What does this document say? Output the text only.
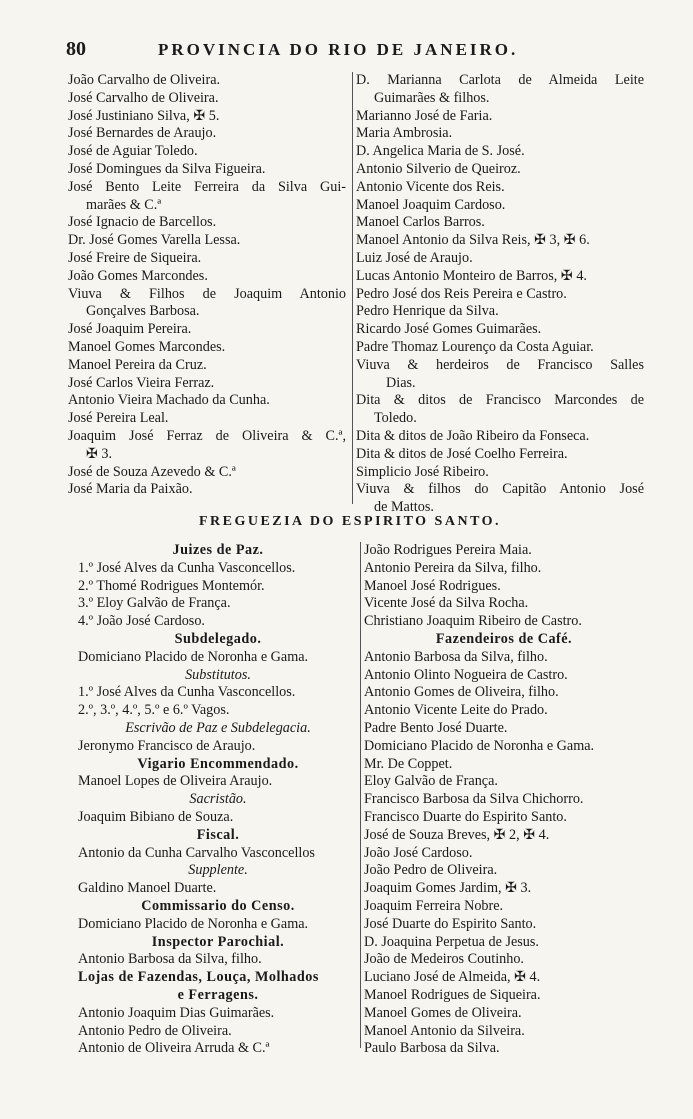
80	PROVINCIA DO RIO DE JANEIRO.
João Carvalho de Oliveira.
José Carvalho de Oliveira.
José Justiniano Silva, ✠ 5.
José Bernardes de Araujo.
José de Aguiar Toledo.
José Domingues da Silva Figueira.
José Bento Leite Ferreira da Silva Gui-
marães & C.ª
José Ignacio de Barcellos.
Dr. José Gomes Varella Lessa.
José Freire de Siqueira.
João Gomes Marcondes.
Viuva & Filhos de Joaquim Antonio
Gonçalves Barbosa.
José Joaquim Pereira.
Manoel Gomes Marcondes.
Manoel Pereira da Cruz.
José Carlos Vieira Ferraz.
Antonio Vieira Machado da Cunha.
José Pereira Leal.
Joaquim José Ferraz de Oliveira & C.ª,
✠ 3.
José de Souza Azevedo & C.ª
José Maria da Paixão.
D. Marianna Carlota de Almeida Leite
Guimarães & filhos.
Marianno José de Faria.
Maria Ambrosia.
D. Angelica Maria de S. José.
Antonio Silverio de Queiroz.
Antonio Vicente dos Reis.
Manoel Joaquim Cardoso.
Manoel Carlos Barros.
Manoel Antonio da Silva Reis, ✠ 3, ✠ 6.
Luiz José de Araujo.
Lucas Antonio Monteiro de Barros, ✠ 4.
Pedro José dos Reis Pereira e Castro.
Pedro Henrique da Silva.
Ricardo José Gomes Guimarães.
Padre Thomaz Lourenço da Costa Aguiar.
Viuva & herdeiros de Francisco Salles
Dias.
Dita & ditos de Francisco Marcondes de
Toledo.
Dita & ditos de João Ribeiro da Fonseca.
Dita & ditos de José Coelho Ferreira.
Simplicio José Ribeiro.
Viuva & filhos do Capitão Antonio José
de Mattos.
FREGUEZIA DO ESPIRITO SANTO.
Juizes de Paz.
1.º José Alves da Cunha Vasconcellos.
2.º Thomé Rodrigues Montemór.
3.º Eloy Galvão de França.
4.º João José Cardoso.
Subdelegado.
Domiciano Placido de Noronha e Gama.
Substitutos.
1.º José Alves da Cunha Vasconcellos.
2.º, 3.º, 4.º, 5.º e 6.º Vagos.
Escrivão de Paz e Subdelegacia.
Jeronymo Francisco de Araujo.
Vigario Encommendado.
Manoel Lopes de Oliveira Araujo.
Sacristão.
Joaquim Bibiano de Souza.
Fiscal.
Antonio da Cunha Carvalho Vasconcellos
Supplente.
Galdino Manoel Duarte.
Commissario do Censo.
Domiciano Placido de Noronha e Gama.
Inspector Parochial.
Antonio Barbosa da Silva, filho.
Lojas de Fazendas, Louça, Molhados
e Ferragens.
Antonio Joaquim Dias Guimarães.
Antonio Pedro de Oliveira.
Antonio de Oliveira Arruda & C.ª
João Rodrigues Pereira Maia.
Antonio Pereira da Silva, filho.
Manoel José Rodrigues.
Vicente José da Silva Rocha.
Christiano Joaquim Ribeiro de Castro.
Fazendeiros de Café.
Antonio Barbosa da Silva, filho.
Antonio Olinto Nogueira de Castro.
Antonio Gomes de Oliveira, filho.
Antonio Vicente Leite do Prado.
Padre Bento José Duarte.
Domiciano Placido de Noronha e Gama.
Mr. De Coppet.
Eloy Galvão de França.
Francisco Barbosa da Silva Chichorro.
Francisco Duarte do Espirito Santo.
José de Souza Breves, ✠ 2, ✠ 4.
João José Cardoso.
João Pedro de Oliveira.
Joaquim Gomes Jardim, ✠ 3.
Joaquim Ferreira Nobre.
José Duarte do Espirito Santo.
D. Joaquina Perpetua de Jesus.
João de Medeiros Coutinho.
Luciano José de Almeida, ✠ 4.
Manoel Rodrigues de Siqueira.
Manoel Gomes de Oliveira.
Manoel Antonio da Silveira.
Paulo Barbosa da Silva.
